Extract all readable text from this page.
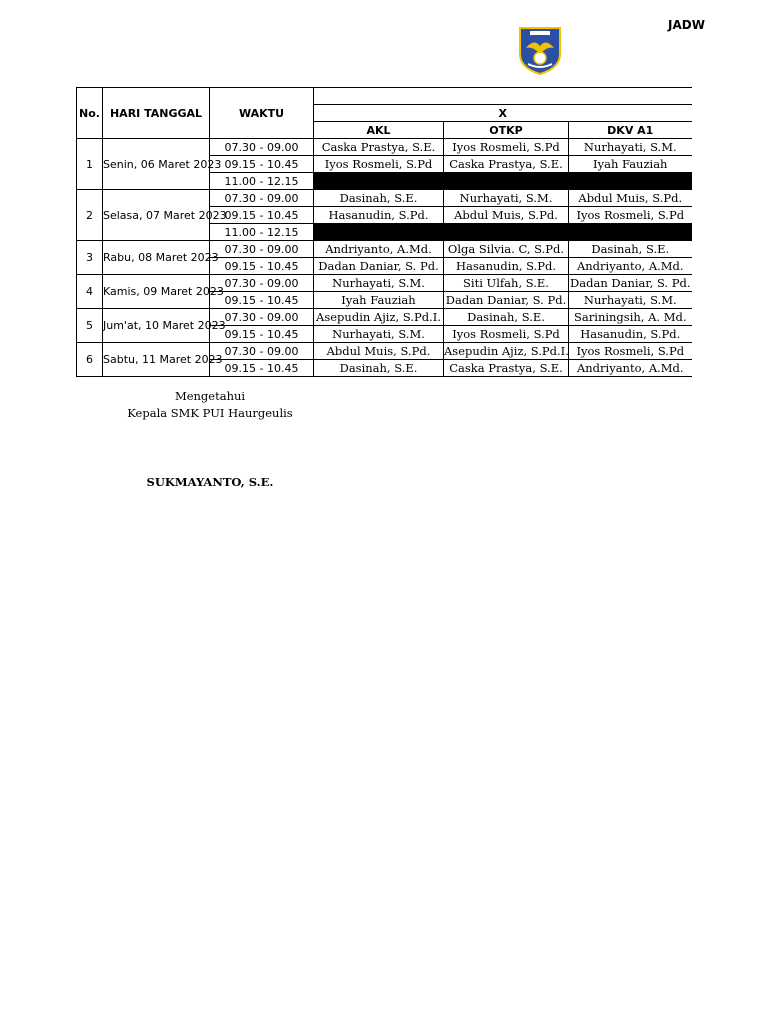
JADW
No.	HARI TANGGAL	WAKTU			
			X		
			AKL	OTKP	DKV A1
1	Senin, 06 Maret 2023	07.30 - 09.00	Caska Prastya, S.E.	Iyos Rosmeli, S.Pd	Nurhayati, S.M.
		09.15 - 10.45	Iyos Rosmeli, S.Pd	Caska Prastya, S.E.	Iyah Fauziah
		11.00 - 12.15			
2	Selasa, 07 Maret 2023	07.30 - 09.00	Dasinah, S.E.	Nurhayati, S.M.	Abdul Muis, S.Pd.
		09.15 - 10.45	Hasanudin, S.Pd.	Abdul Muis, S.Pd.	Iyos Rosmeli, S.Pd
		11.00 - 12.15			
3	Rabu, 08 Maret 2023	07.30 - 09.00	Andriyanto, A.Md.	Olga Silvia. C, S.Pd.	Dasinah, S.E.
		09.15 - 10.45	Dadan Daniar, S. Pd.	Hasanudin, S.Pd.	Andriyanto, A.Md.
4	Kamis, 09 Maret 2023	07.30 - 09.00	Nurhayati, S.M.	Siti Ulfah, S.E.	Dadan Daniar, S. Pd.
		09.15 - 10.45	Iyah Fauziah	Dadan Daniar, S. Pd.	Nurhayati, S.M.
5	Jum'at, 10 Maret 2023	07.30 - 09.00	Asepudin Ajiz, S.Pd.I.	Dasinah, S.E.	Sariningsih, A. Md.
		09.15 - 10.45	Nurhayati, S.M.	Iyos Rosmeli, S.Pd	Hasanudin, S.Pd.
6	Sabtu, 11 Maret 2023	07.30 - 09.00	Abdul Muis, S.Pd.	Asepudin Ajiz, S.Pd.I.	Iyos Rosmeli, S.Pd
		09.15 - 10.45	Dasinah, S.E.	Caska Prastya, S.E.	Andriyanto, A.Md.
Mengetahui
Kepala SMK PUI Haurgeulis
SUKMAYANTO, S.E.
